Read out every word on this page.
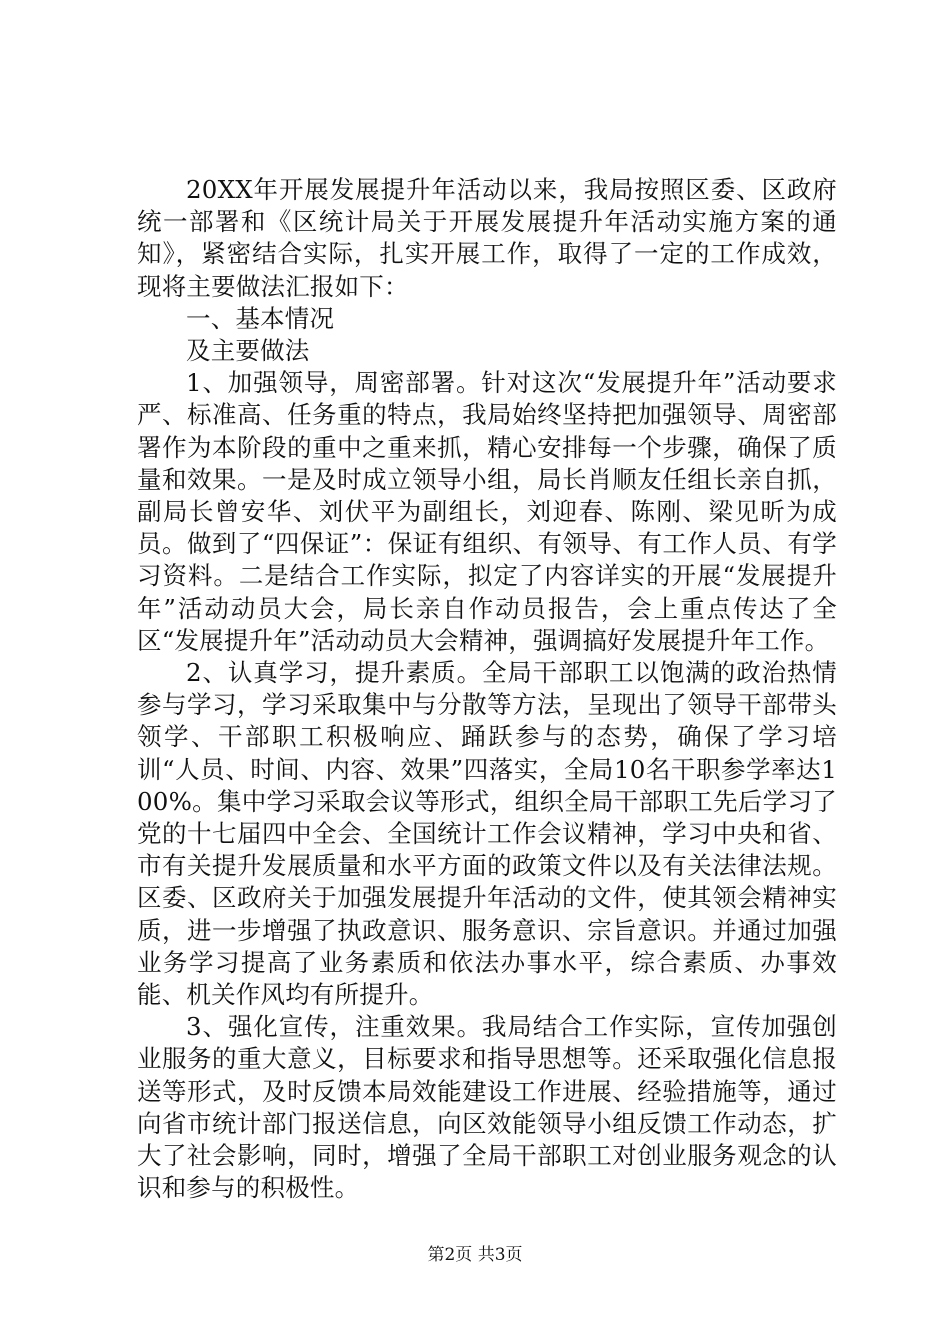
20XX年开展发展提升年活动以来，我局按照区委、区政府统一部署和《区统计局关于开展发展提升年活动实施方案的通知》，紧密结合实际，扎实开展工作，取得了一定的工作成效，现将主要做法汇报如下：

一、基本情况

及主要做法

1、加强领导，周密部署。针对这次“发展提升年”活动要求严、标准高、任务重的特点，我局始终坚持把加强领导、周密部署作为本阶段的重中之重来抓，精心安排每一个步骤，确保了质量和效果。一是及时成立领导小组，局长肖顺友任组长亲自抓，副局长曾安华、刘伏平为副组长，刘迎春、陈刚、梁见昕为成员。做到了“四保证”：保证有组织、有领导、有工作人员、有学习资料。二是结合工作实际，拟定了内容详实的开展“发展提升年”活动动员大会，局长亲自作动员报告，会上重点传达了全区“发展提升年”活动动员大会精神，强调搞好发展提升年工作。

2、认真学习，提升素质。全局干部职工以饱满的政治热情参与学习，学习采取集中与分散等方法，呈现出了领导干部带头领学、干部职工积极响应、踊跃参与的态势，确保了学习培训“人员、时间、内容、效果”四落实，全局10名干职参学率达100%。集中学习采取会议等形式，组织全局干部职工先后学习了党的十七届四中全会、全国统计工作会议精神，学习中央和省、市有关提升发展质量和水平方面的政策文件以及有关法律法规。区委、区政府关于加强发展提升年活动的文件，使其领会精神实质，进一步增强了执政意识、服务意识、宗旨意识。并通过加强业务学习提高了业务素质和依法办事水平，综合素质、办事效能、机关作风均有所提升。

3、强化宣传，注重效果。我局结合工作实际，宣传加强创业服务的重大意义，目标要求和指导思想等。还采取强化信息报送等形式，及时反馈本局效能建设工作进展、经验措施等，通过向省市统计部门报送信息，向区效能领导小组反馈工作动态，扩大了社会影响，同时，增强了全局干部职工对创业服务观念的认识和参与的积极性。

第2页 共3页
